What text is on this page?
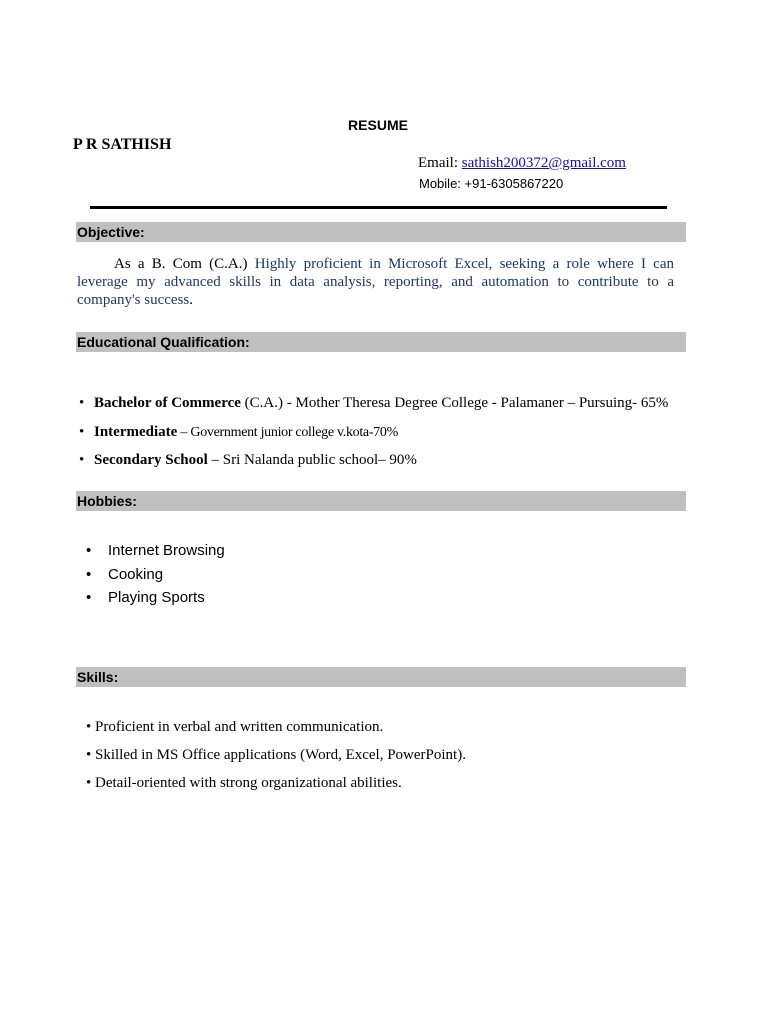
RESUME
P R SATHISH
Email: sathish200372@gmail.com
Mobile: +91-6305867220
Objective:
As a B. Com (C.A.) Highly proficient in Microsoft Excel, seeking a role where I can leverage my advanced skills in data analysis, reporting, and automation to contribute to a company's success.
Educational Qualification:
• Bachelor of Commerce (C.A.) - Mother Theresa Degree College - Palamaner – Pursuing- 65%
• Intermediate – Government junior college v.kota-70%
• Secondary School – Sri Nalanda public school– 90%
Hobbies:
• Internet Browsing
• Cooking
• Playing Sports
Skills:
• Proficient in verbal and written communication.
• Skilled in MS Office applications (Word, Excel, PowerPoint).
• Detail-oriented with strong organizational abilities.
